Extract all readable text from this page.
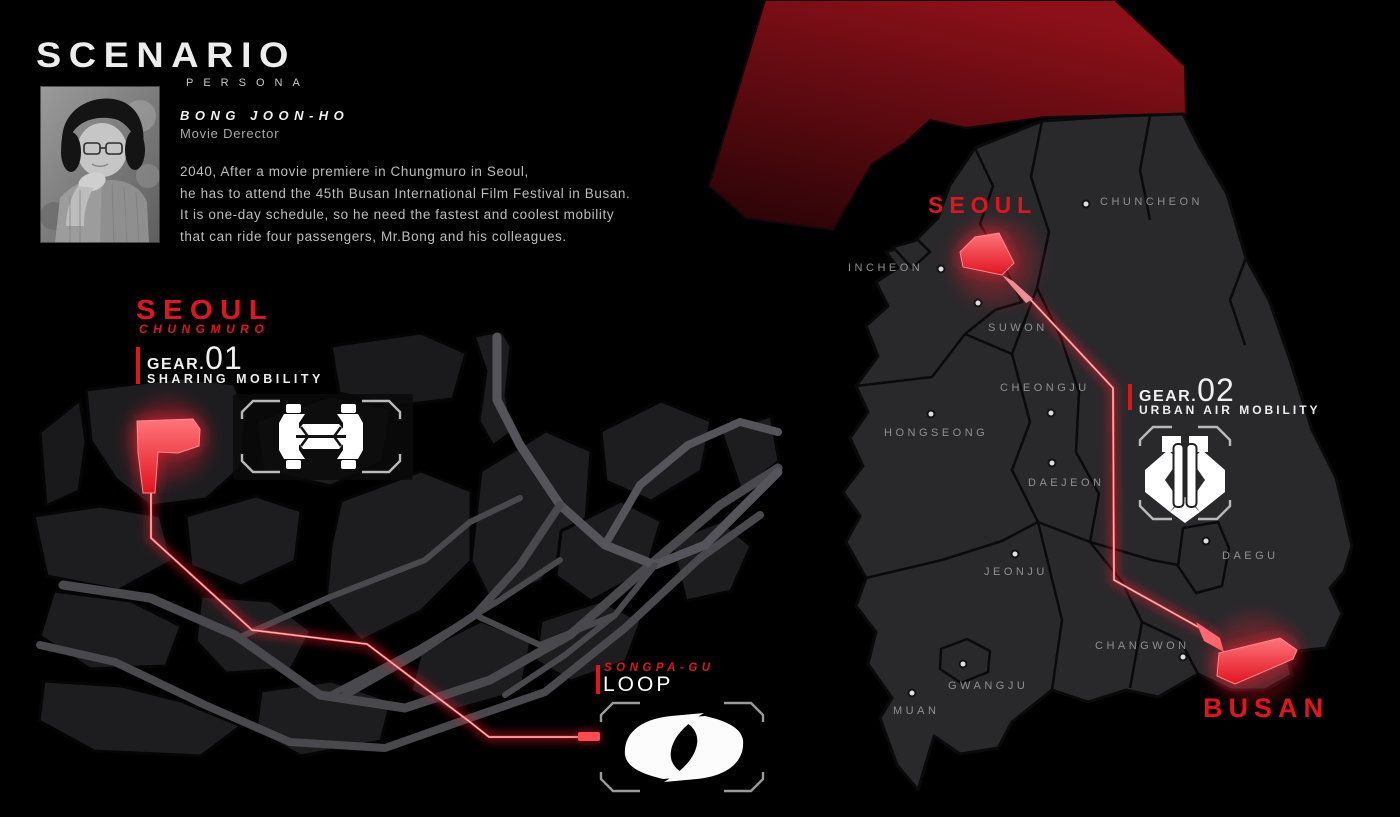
SCENARIO
PERSONA
BONG JOON-HO
Movie Derector
2040, After a movie premiere in Chungmuro in Seoul,
he has to attend the 45th Busan International Film Festival in Busan.
It is one-day schedule, so he need the fastest and coolest mobility
that can ride four passengers, Mr.Bong and his colleagues.
SEOUL
CHUNGMURO
GEAR. 01
SHARING MOBILITY
SONGPA-GU
LOOP
SEOUL
BUSAN
GEAR. 02
URBAN AIR MOBILITY
CHUNCHEON
INCHEON
SUWON
CHEONGJU
HONGSEONG
DAEJEON
JEONJU
DAEGU
CHANGWON
GWANGJU
MUAN
